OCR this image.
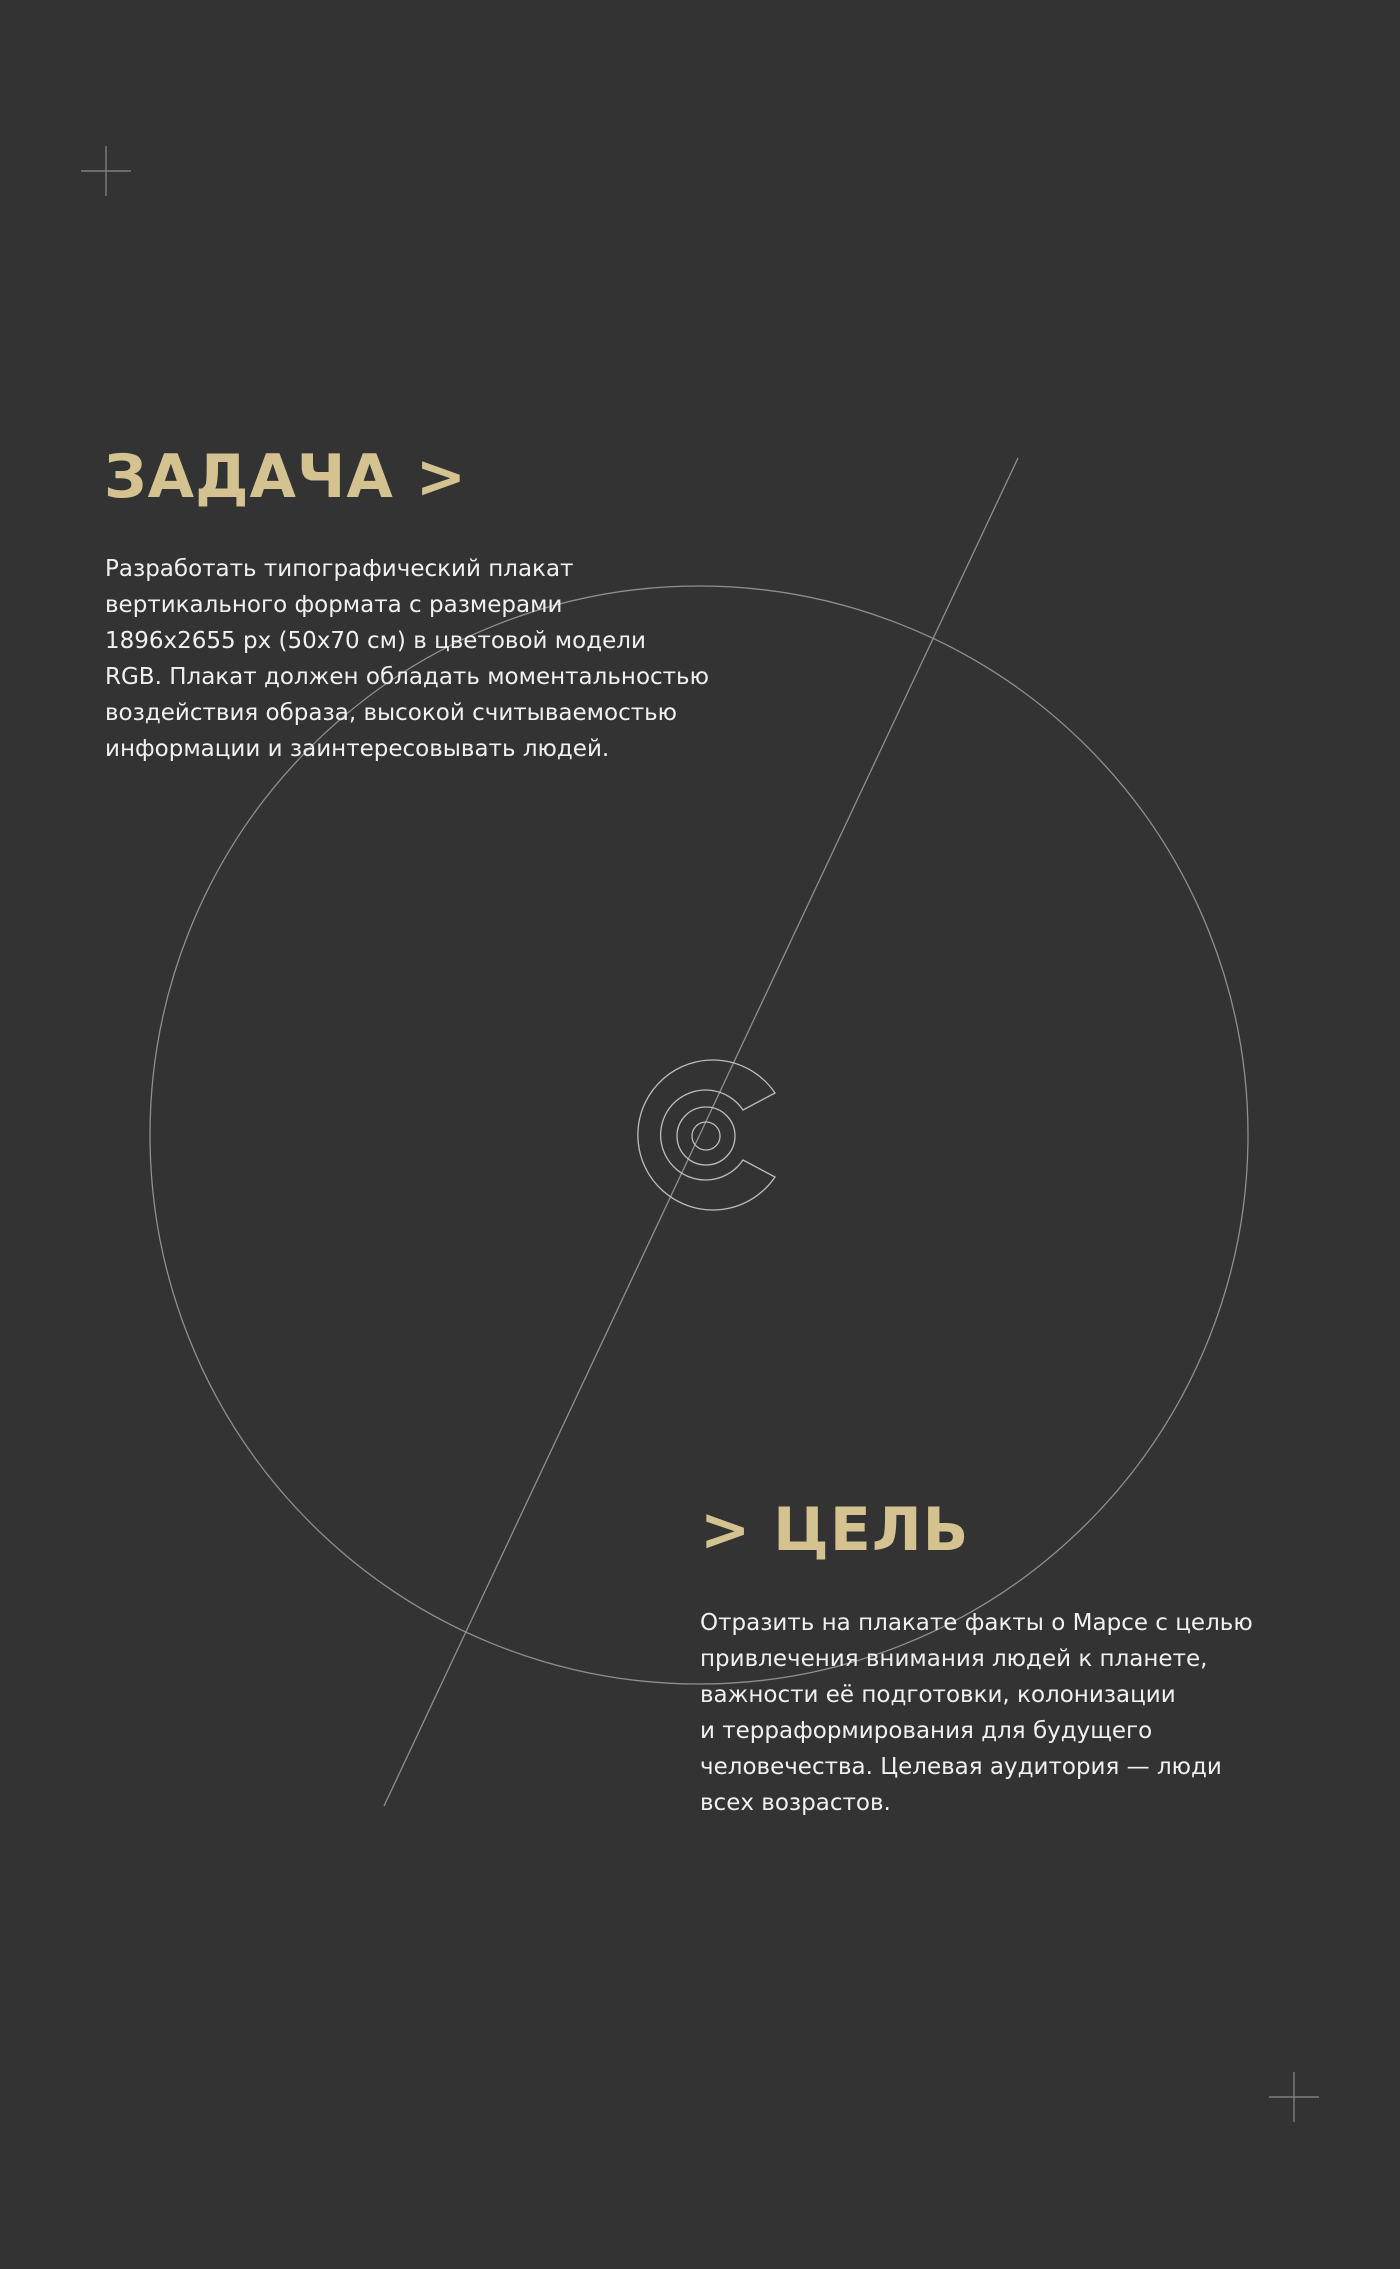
ЗАДАЧА >

Разработать типографический плакат
вертикального формата с размерами
1896х2655 px (50x70 см) в цветовой модели
RGB. Плакат должен обладать моментальностью
воздействия образа, высокой считываемостью
информации и заинтересовывать людей.

> ЦЕЛЬ

Отразить на плакате факты о Марсе с целью
привлечения внимания людей к планете,
важности её подготовки, колонизации
и терраформирования для будущего
человечества. Целевая аудитория — люди
всех возрастов.
